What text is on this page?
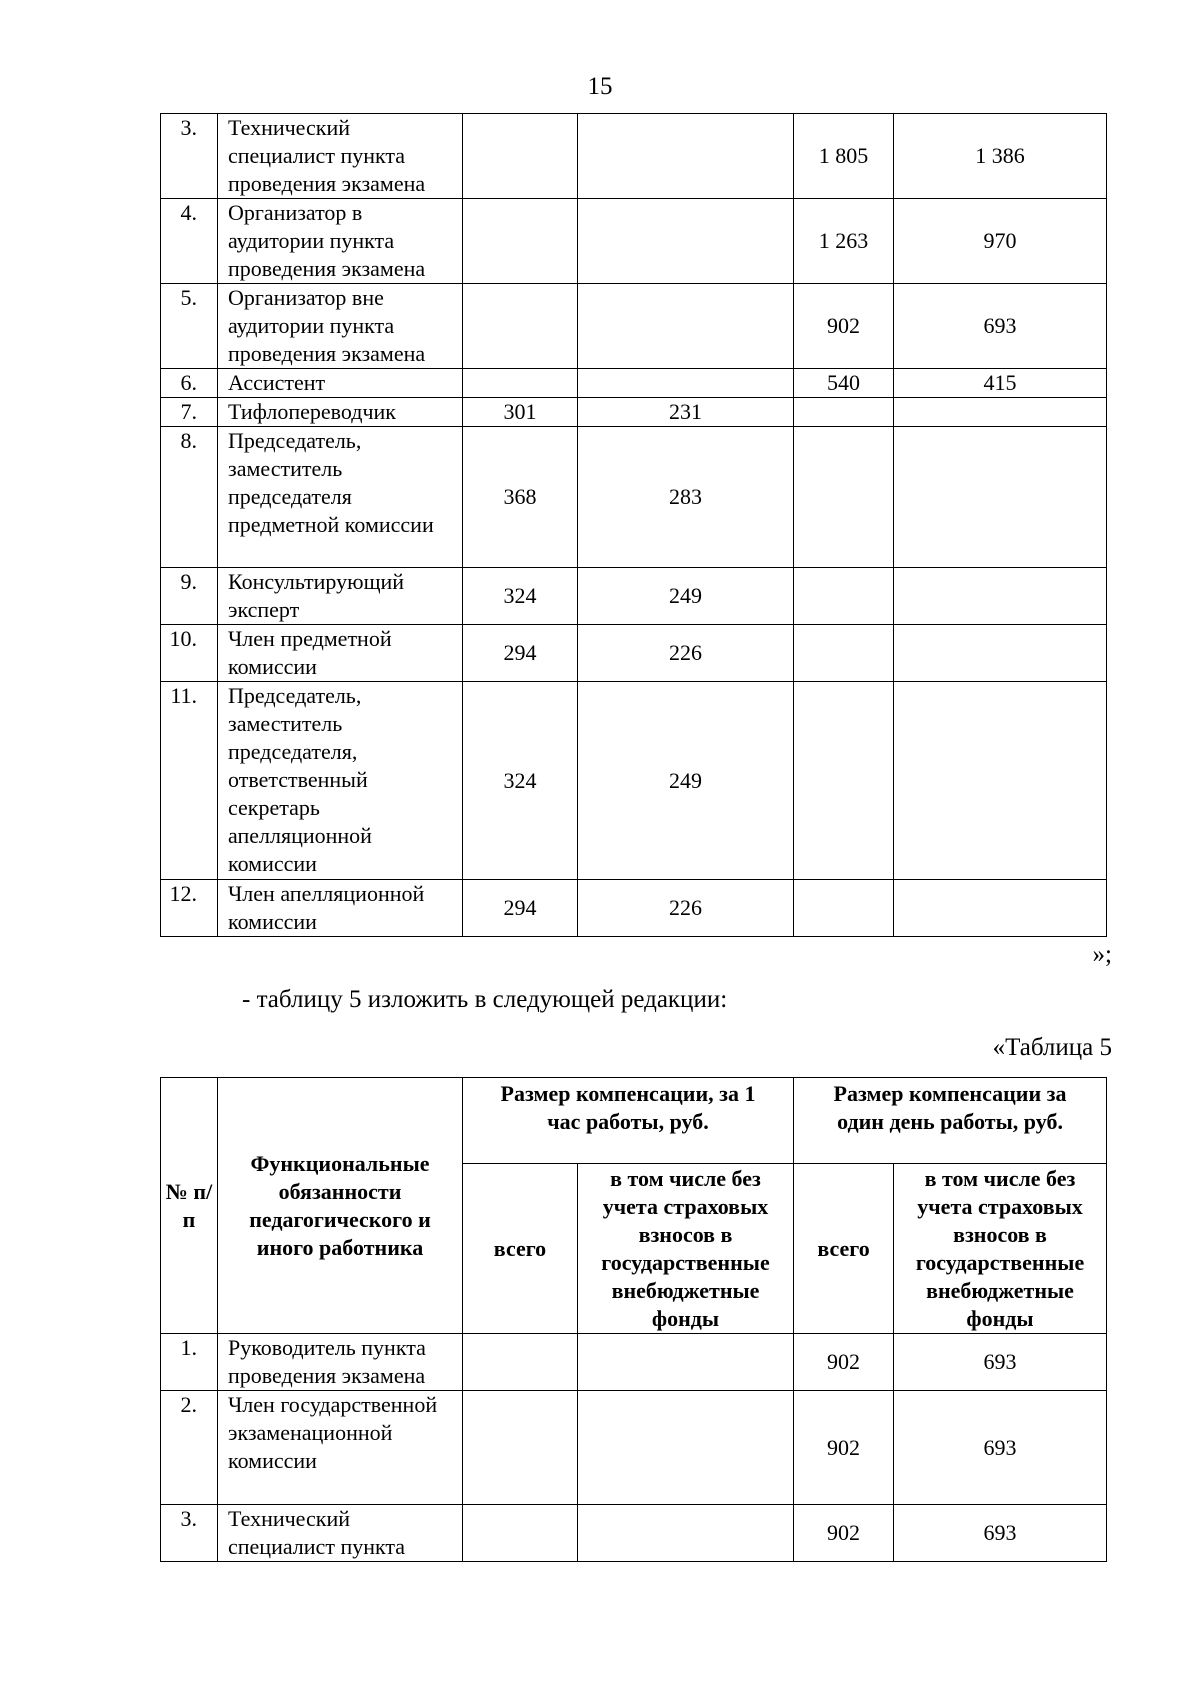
15
3.	Технический специалист пункта проведения экзамена			1 805	1 386
4.	Организатор в аудитории пункта проведения экзамена			1 263	970
5.	Организатор вне аудитории пункта проведения экзамена			902	693
6.	Ассистент			540	415
7.	Тифлопереводчик	301	231		
8.	Председатель, заместитель председателя предметной комиссии	368	283		
9.	Консультирующий эксперт	324	249		
10.	Член предметной комиссии	294	226		
11.	Председатель, заместитель председателя, ответственный секретарь апелляционной комиссии	324	249		
12.	Член апелляционной комиссии	294	226		
»;
- таблицу 5 изложить в следующей редакции:
«Таблица 5
№ п/п	Функциональные обязанности педагогического и иного работника	Размер компенсации, за 1 час работы, руб.		Размер компенсации за один день работы, руб.	
		всего	в том числе без учета страховых взносов в государственные внебюджетные фонды	всего	в том числе без учета страховых взносов в государственные внебюджетные фонды
1.	Руководитель пункта проведения экзамена			902	693
2.	Член государственной экзаменационной комиссии			902	693
3.	Технический специалист пункта			902	693
